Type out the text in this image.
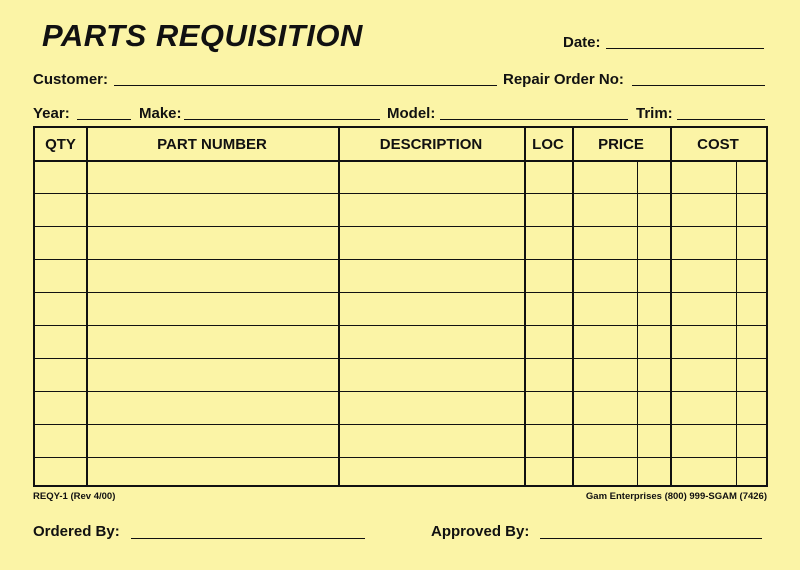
PARTS REQUISITION	Date:
Customer:	Repair Order No:
Year:	Make:	Model:	Trim:
QTY	PART NUMBER	DESCRIPTION	LOC	PRICE	COST
REQY-1 (Rev 4/00)	Gam Enterprises (800) 999-SGAM (7426)
Ordered By:	Approved By:
